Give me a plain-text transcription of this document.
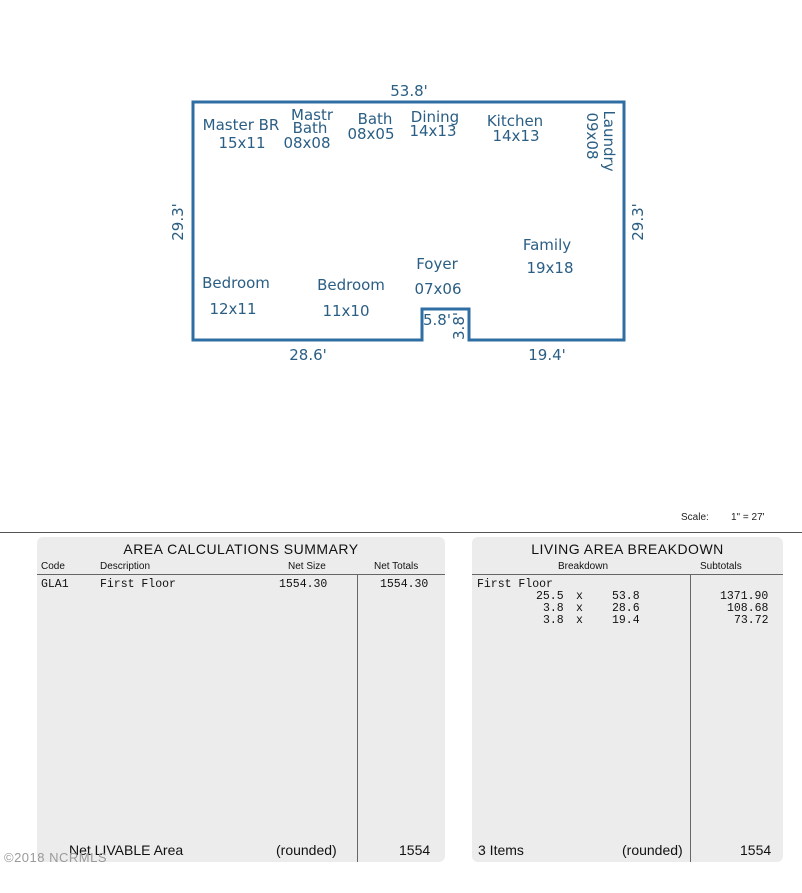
53.8'
29.3'	29.3'
28.6'	19.4'
5.8' 3.8'
Master BR
15x11
Mastr Bath
08x08
Bath
08x05
Dining
14x13
Kitchen
14x13	Laundry
09x08
Family
19x18
Foyer
07x06
Bedroom
12x11
Bedroom
11x10
Scale: 1" = 27'
AREA CALCULATIONS SUMMARY
Code	Description	Net Size	Net Totals
GLA1	First Floor	1554.30	1554.30
Net LIVABLE Area	(rounded)	1554
LIVING AREA BREAKDOWN
Breakdown	Subtotals
First Floor
25.5 x	53.8	1371.90
3.8 x	28.6	108.68
3.8 x	19.4	73.72
3 Items	(rounded)	1554
©2018 NCRMLS
